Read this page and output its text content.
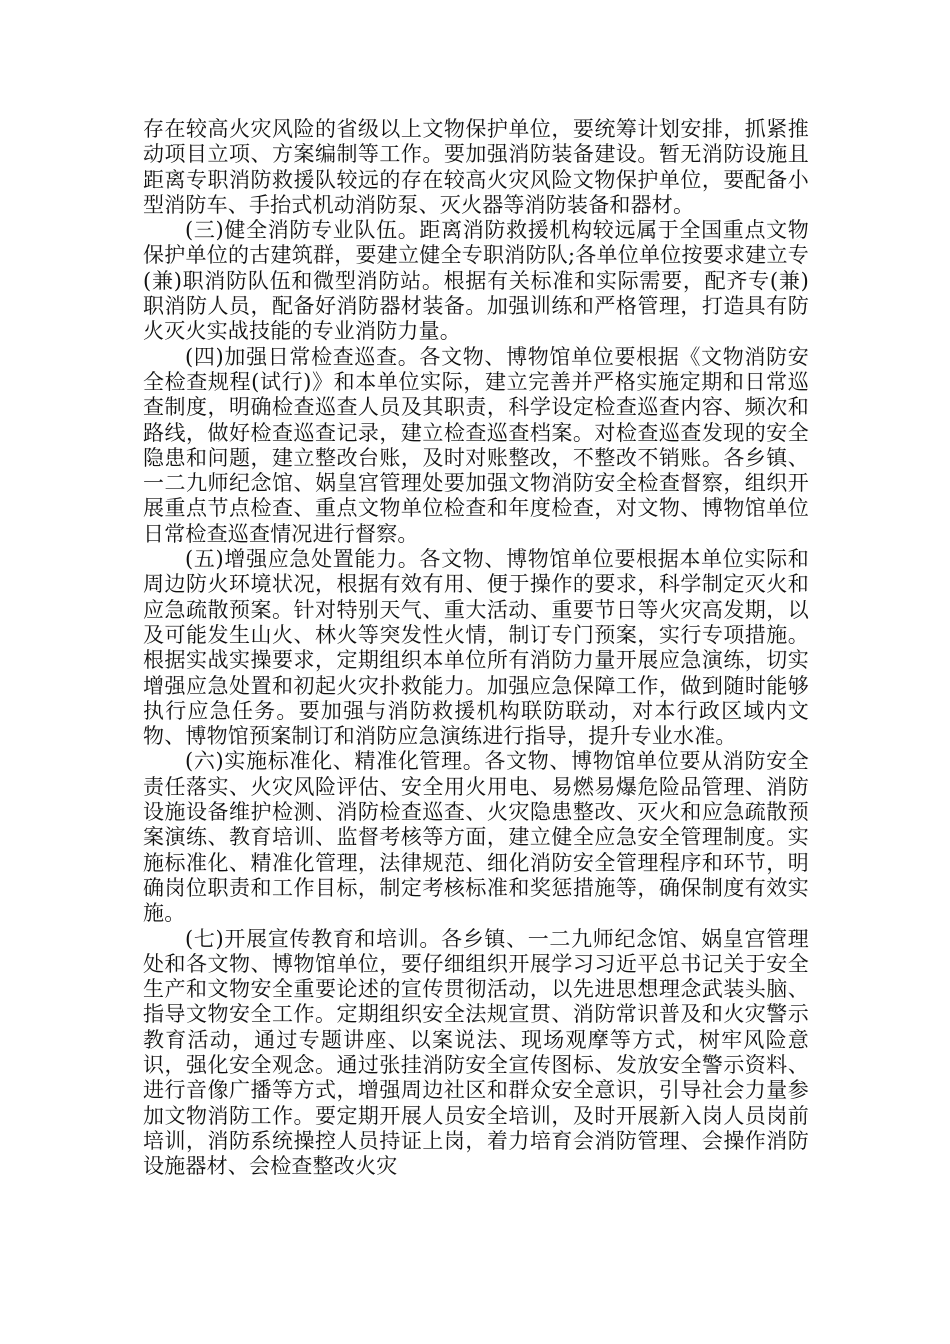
存在较高火灾风险的省级以上文物保护单位，要统筹计划安排，抓紧推动项目立项、方案编制等工作。要加强消防装备建设。暂无消防设施且距离专职消防救援队较远的存在较高火灾风险文物保护单位，要配备小型消防车、手抬式机动消防泵、灭火器等消防装备和器材。

(三)健全消防专业队伍。距离消防救援机构较远属于全国重点文物保护单位的古建筑群，要建立健全专职消防队;各单位单位按要求建立专(兼)职消防队伍和微型消防站。根据有关标准和实际需要，配齐专(兼)职消防人员，配备好消防器材装备。加强训练和严格管理，打造具有防火灭火实战技能的专业消防力量。

(四)加强日常检查巡查。各文物、博物馆单位要根据《文物消防安全检查规程(试行)》和本单位实际，建立完善并严格实施定期和日常巡查制度，明确检查巡查人员及其职责，科学设定检查巡查内容、频次和路线，做好检查巡查记录，建立检查巡查档案。对检查巡查发现的安全隐患和问题，建立整改台账，及时对账整改，不整改不销账。各乡镇、一二九师纪念馆、娲皇宫管理处要加强文物消防安全检查督察，组织开展重点节点检查、重点文物单位检查和年度检查，对文物、博物馆单位日常检查巡查情况进行督察。

(五)增强应急处置能力。各文物、博物馆单位要根据本单位实际和周边防火环境状况，根据有效有用、便于操作的要求，科学制定灭火和应急疏散预案。针对特别天气、重大活动、重要节日等火灾高发期，以及可能发生山火、林火等突发性火情，制订专门预案，实行专项措施。根据实战实操要求，定期组织本单位所有消防力量开展应急演练，切实增强应急处置和初起火灾扑救能力。加强应急保障工作，做到随时能够执行应急任务。要加强与消防救援机构联防联动，对本行政区域内文物、博物馆预案制订和消防应急演练进行指导，提升专业水准。

(六)实施标准化、精准化管理。各文物、博物馆单位要从消防安全责任落实、火灾风险评估、安全用火用电、易燃易爆危险品管理、消防设施设备维护检测、消防检查巡查、火灾隐患整改、灭火和应急疏散预案演练、教育培训、监督考核等方面，建立健全应急安全管理制度。实施标准化、精准化管理，法律规范、细化消防安全管理程序和环节，明确岗位职责和工作目标，制定考核标准和奖惩措施等，确保制度有效实施。

(七)开展宣传教育和培训。各乡镇、一二九师纪念馆、娲皇宫管理处和各文物、博物馆单位，要仔细组织开展学习习近平总书记关于安全生产和文物安全重要论述的宣传贯彻活动，以先进思想理念武装头脑、指导文物安全工作。定期组织安全法规宣贯、消防常识普及和火灾警示教育活动，通过专题讲座、以案说法、现场观摩等方式，树牢风险意识，强化安全观念。通过张挂消防安全宣传图标、发放安全警示资料、进行音像广播等方式，增强周边社区和群众安全意识，引导社会力量参加文物消防工作。要定期开展人员安全培训，及时开展新入岗人员岗前培训，消防系统操控人员持证上岗，着力培育会消防管理、会操作消防设施器材、会检查整改火灾
